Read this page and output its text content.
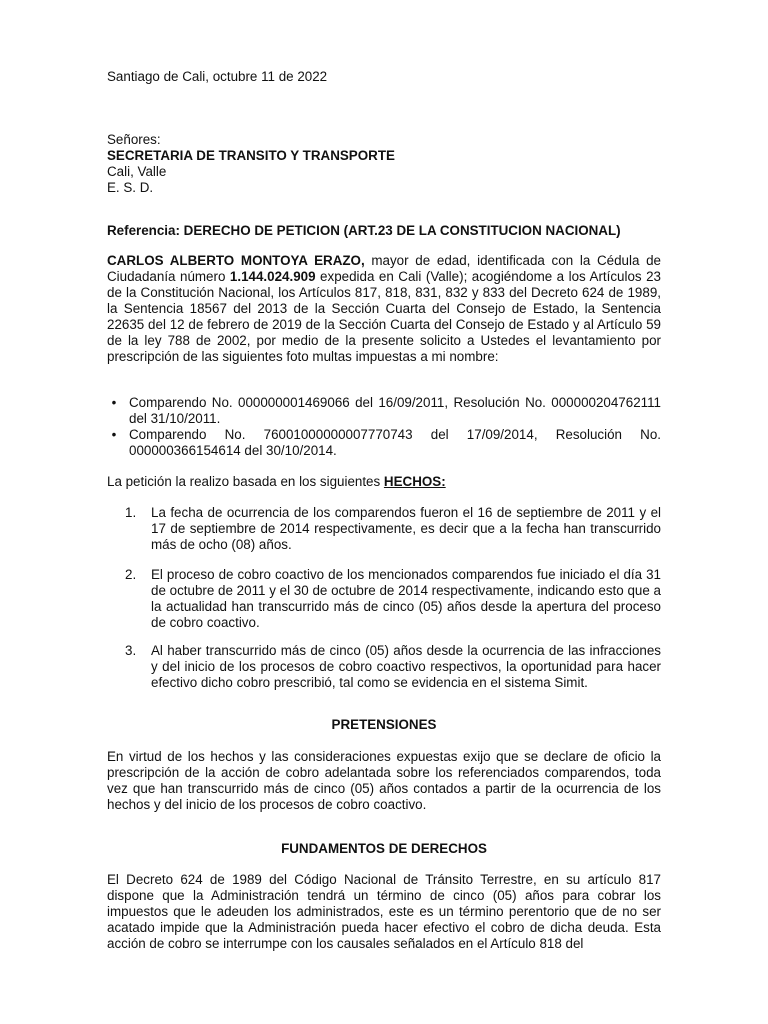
Santiago de Cali, octubre 11 de 2022

Señores:

SECRETARIA DE TRANSITO Y TRANSPORTE

Cali, Valle

E. S. D.

Referencia: DERECHO DE PETICION (ART.23 DE LA CONSTITUCION NACIONAL)

CARLOS ALBERTO MONTOYA ERAZO, mayor de edad, identificada con la Cédula de Ciudadanía número 1.144.024.909 expedida en Cali (Valle); acogiéndome a los Artículos 23 de la Constitución Nacional, los Artículos 817, 818, 831, 832 y 833 del Decreto 624 de 1989, la Sentencia 18567 del 2013 de la Sección Cuarta del Consejo de Estado, la Sentencia 22635 del 12 de febrero de 2019 de la Sección Cuarta del Consejo de Estado y al Artículo 59 de la ley 788 de 2002, por medio de la presente solicito a Ustedes el levantamiento por prescripción de las siguientes foto multas impuestas a mi nombre:

• Comparendo No. 000000001469066 del 16/09/2011, Resolución No. 000000204762111 del 31/10/2011.
• Comparendo No. 76001000000007770743 del 17/09/2014, Resolución No. 000000366154614 del 30/10/2014.

La petición la realizo basada en los siguientes HECHOS:

1.	La fecha de ocurrencia de los comparendos fueron el 16 de septiembre de 2011 y el 17 de septiembre de 2014 respectivamente, es decir que a la fecha han transcurrido más de ocho (08) años.
2.	El proceso de cobro coactivo de los mencionados comparendos fue iniciado el día 31 de octubre de 2011 y el 30 de octubre de 2014 respectivamente, indicando esto que a la actualidad han transcurrido más de cinco (05) años desde la apertura del proceso de cobro coactivo.
3.	Al haber transcurrido más de cinco (05) años desde la ocurrencia de las infracciones y del inicio de los procesos de cobro coactivo respectivos, la oportunidad para hacer efectivo dicho cobro prescribió, tal como se evidencia en el sistema Simit.

PRETENSIONES

En virtud de los hechos y las consideraciones expuestas exijo que se declare de oficio la prescripción de la acción de cobro adelantada sobre los referenciados comparendos, toda vez que han transcurrido más de cinco (05) años contados a partir de la ocurrencia de los hechos y del inicio de los procesos de cobro coactivo.

FUNDAMENTOS DE DERECHOS

El Decreto 624 de 1989 del Código Nacional de Tránsito Terrestre, en su artículo 817 dispone que la Administración tendrá un término de cinco (05) años para cobrar los impuestos que le adeuden los administrados, este es un término perentorio que de no ser acatado impide que la Administración pueda hacer efectivo el cobro de dicha deuda. Esta acción de cobro se interrumpe con los causales señalados en el Artículo 818 del
